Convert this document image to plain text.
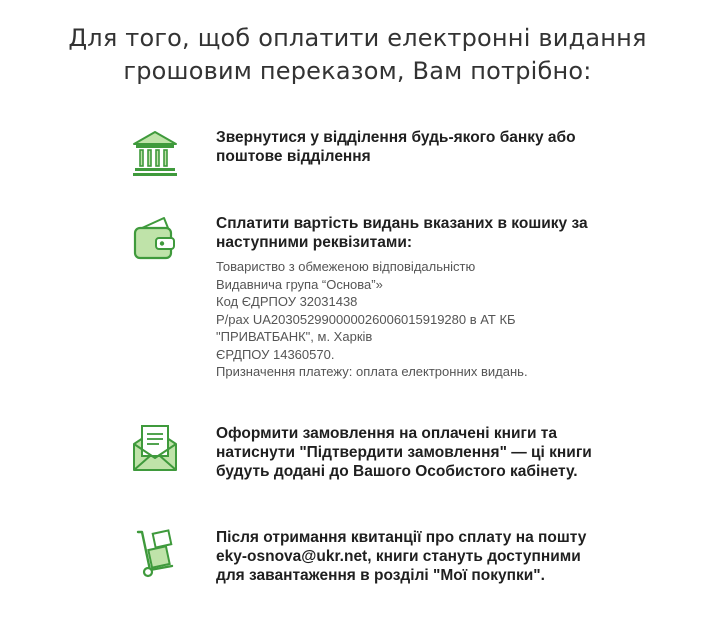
Для того, щоб оплатити електронні видання
грошовим переказом, Вам потрібно:

Звернутися у відділення будь-якого банку або
поштове відділення

Сплатити вартість видань вказаних в кошику за
наступними реквізитами:

Товариство з обмеженою відповідальністю
Видавнича група “Основа”»
Код ЄДРПОУ 32031438
Р/рах UA203052990000026006015919280 в АТ КБ
"ПРИВАТБАНК", м. Харків
ЄРДПОУ 14360570.
Призначення платежу: оплата електронних видань.

Оформити замовлення на оплачені книги та
натиснути "Підтвердити замовлення" — ці книги
будуть додані до Вашого Особистого кабінету.

Після отримання квитанції про сплату на пошту
eky-osnova@ukr.net, книги стануть доступними
для завантаження в розділі "Мої покупки".
